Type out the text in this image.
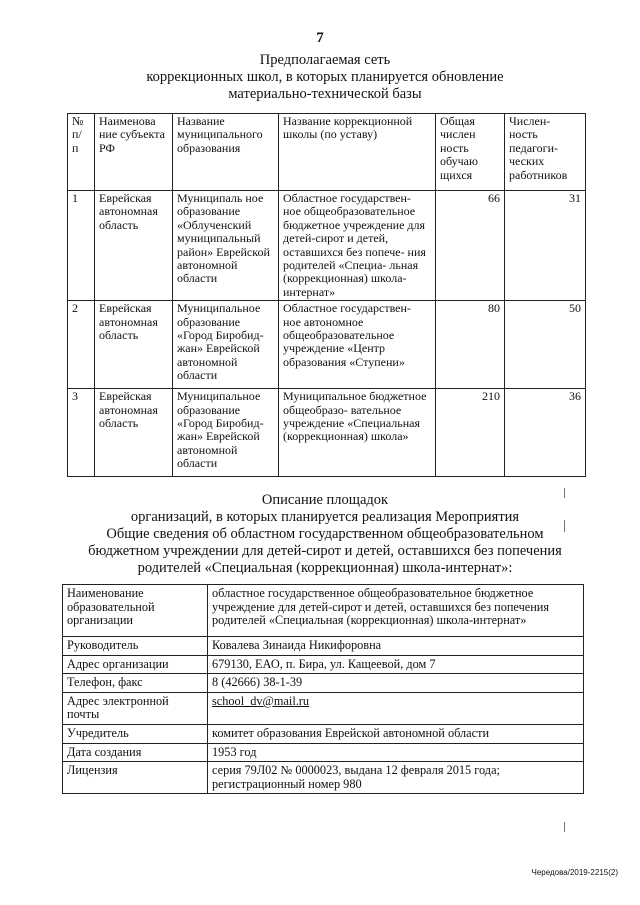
7
Предполагаемая сеть
коррекционных школ, в которых планируется обновление
материально-технической базы
№ п/ п	Наименова ние субъекта РФ	Название муниципального образования	Название коррекционной школы (по уставу)	Общая числен ность обучаю щихся	Числен- ность педагоги- ческих работников
1	Еврейская автономная область	Муниципаль ное образование «Облученский муниципальный район» Еврейской автономной области	Областное государствен- ное общеобразовательное бюджетное учреждение для детей-сирот и детей, оставшихся без попече- ния родителей «Специа- льная (коррекционная) школа-интернат»	66	31
2	Еврейская автономная область	Муниципальное образование «Город Биробид- жан» Еврейской автономной области	Областное государствен- ное автономное общеобразовательное учреждение «Центр образования «Ступени»	80	50
3	Еврейская автономная область	Муниципальное образование «Город Биробид- жан» Еврейской автономной области	Муниципальное бюджетное общеобразо- вательное учреждение «Специальная (коррекционная) школа»	210	36
Описание площадок
организаций, в которых планируется реализация Мероприятия
Общие сведения об областном государственном общеобразовательном
бюджетном учреждении для детей-сирот и детей, оставшихся без попечения
родителей «Специальная (коррекционная) школа-интернат»:
Наименование образовательной организации	областное государственное общеобразовательное бюджетное учреждение для детей-сирот и детей, оставшихся без попечения родителей «Специальная (коррекционная) школа-интернат»
Руководитель	Ковалева Зинаида Никифоровна
Адрес организации	679130, ЕАО, п. Бира, ул. Кащеевой, дом 7
Телефон, факс	8 (42666) 38-1-39
Адрес электронной почты	school_dv@mail.ru
Учредитель	комитет образования Еврейской автономной области
Дата создания	1953 год
Лицензия	серия 79Л02 № 0000023, выдана 12 февраля 2015 года; регистрационный номер 980
Чередова/2019-2215(2)
